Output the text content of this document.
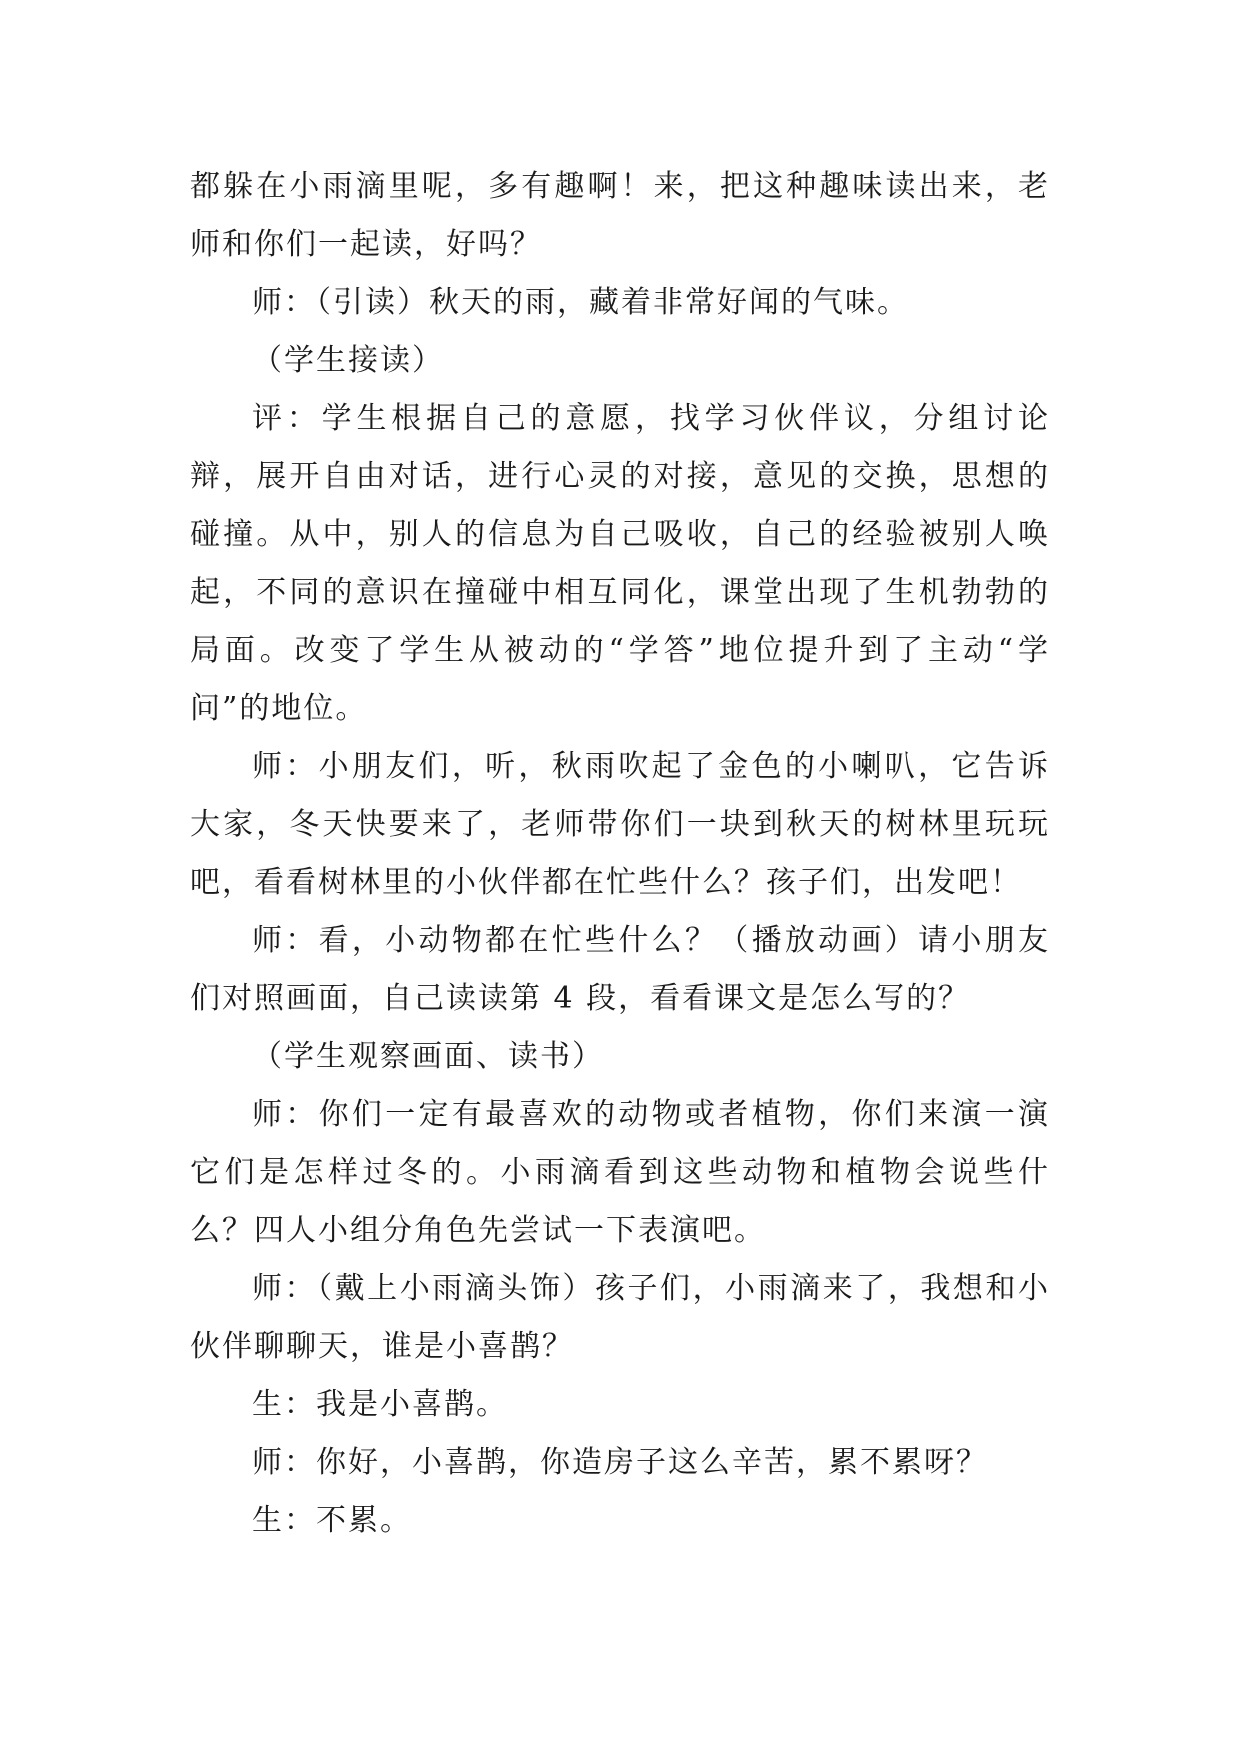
都躲在小雨滴里呢，多有趣啊！来，把这种趣味读出来，老师和你们一起读，好吗？

师：（引读）秋天的雨，藏着非常好闻的气味。

（学生接读）

评：学生根据自己的意愿，找学习伙伴议，分组讨论辩，展开自由对话，进行心灵的对接，意见的交换，思想的碰撞。从中，别人的信息为自己吸收，自己的经验被别人唤起，不同的意识在撞碰中相互同化，课堂出现了生机勃勃的局面。改变了学生从被动的“学答”地位提升到了主动“学问”的地位。

师：小朋友们，听，秋雨吹起了金色的小喇叭，它告诉大家，冬天快要来了，老师带你们一块到秋天的树林里玩玩吧，看看树林里的小伙伴都在忙些什么？孩子们，出发吧！

师：看，小动物都在忙些什么？（播放动画）请小朋友们对照画面，自己读读第 4 段，看看课文是怎么写的？

（学生观察画面、读书）

师：你们一定有最喜欢的动物或者植物，你们来演一演它们是怎样过冬的。小雨滴看到这些动物和植物会说些什么？四人小组分角色先尝试一下表演吧。

师：（戴上小雨滴头饰）孩子们，小雨滴来了，我想和小伙伴聊聊天，谁是小喜鹊？

生：我是小喜鹊。

师：你好，小喜鹊，你造房子这么辛苦，累不累呀？

生：不累。
